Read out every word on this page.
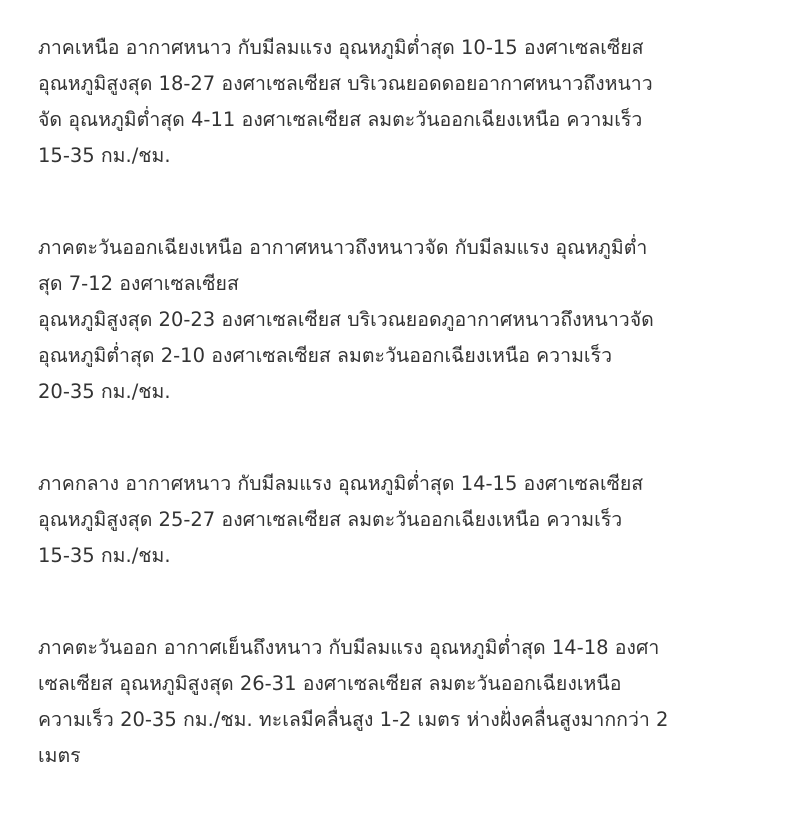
ภาคเหนือ อากาศหนาว กับมีลมแรง อุณหภูมิต่ำสุด 10-15 องศาเซลเซียส
อุณหภูมิสูงสุด 18-27 องศาเซลเซียส บริเวณยอดดอยอากาศหนาวถึงหนาว
จัด อุณหภูมิต่ำสุด 4-11 องศาเซลเซียส ลมตะวันออกเฉียงเหนือ ความเร็ว
15-35 กม./ชม.

ภาคตะวันออกเฉียงเหนือ อากาศหนาวถึงหนาวจัด กับมีลมแรง อุณหภูมิต่ำ
สุด 7-12 องศาเซลเซียส
อุณหภูมิสูงสุด 20-23 องศาเซลเซียส บริเวณยอดภูอากาศหนาวถึงหนาวจัด
อุณหภูมิต่ำสุด 2-10 องศาเซลเซียส ลมตะวันออกเฉียงเหนือ ความเร็ว
20-35 กม./ชม.

ภาคกลาง อากาศหนาว กับมีลมแรง อุณหภูมิต่ำสุด 14-15 องศาเซลเซียส
อุณหภูมิสูงสุด 25-27 องศาเซลเซียส ลมตะวันออกเฉียงเหนือ ความเร็ว
15-35 กม./ชม.

ภาคตะวันออก อากาศเย็นถึงหนาว กับมีลมแรง อุณหภูมิต่ำสุด 14-18 องศา
เซลเซียส อุณหภูมิสูงสุด 26-31 องศาเซลเซียส ลมตะวันออกเฉียงเหนือ
ความเร็ว 20-35 กม./ชม. ทะเลมีคลื่นสูง 1-2 เมตร ห่างฝั่งคลื่นสูงมากกว่า 2
เมตร
